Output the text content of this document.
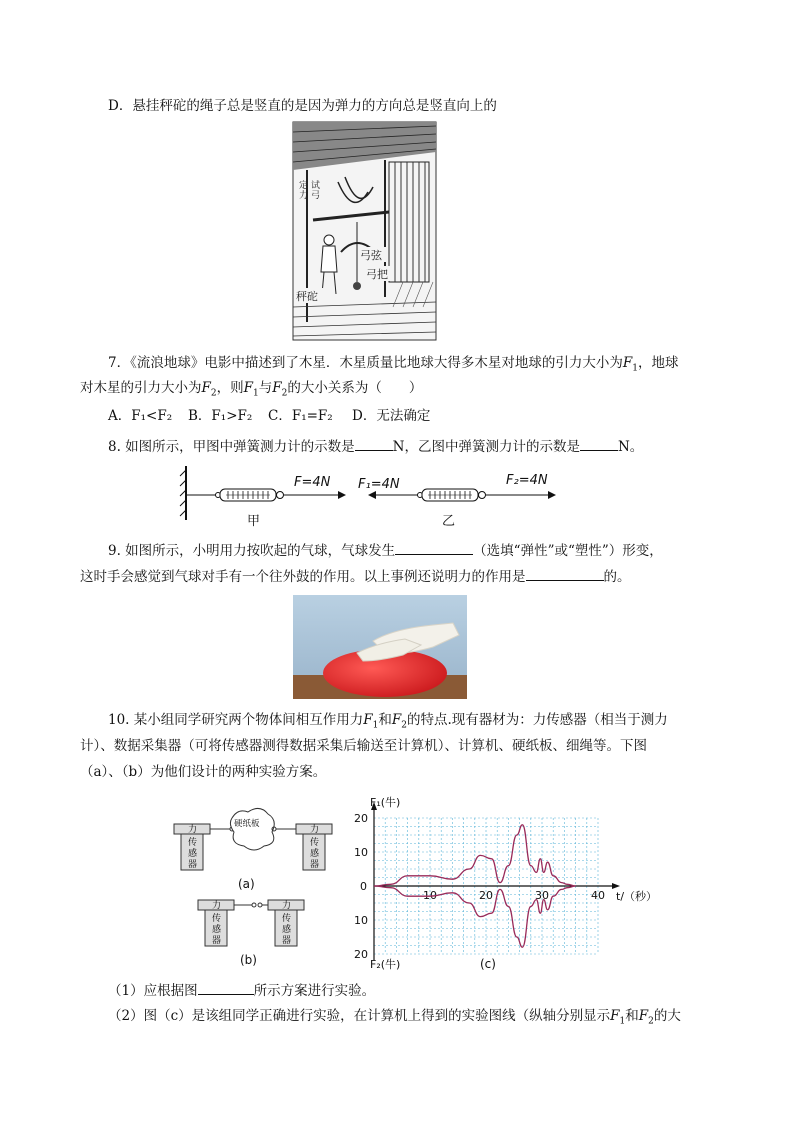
D．悬挂秤砣的绳子总是竖直的是因为弹力的方向总是竖直向上的
定
力
试
弓
弓弦
弓把
秤砣
7．《流浪地球》电影中描述到了木星．木星质量比地球大得多木星对地球的引力大小为$F_1$，地球
对木星的引力大小为$F_2$，则$F_1$与$F_2$的大小关系为（　　）
A．F₁<F₂ B．F₁>F₂ C．F₁=F₂ D．无法确定
8. 如图所示，甲图中弹簧测力计的示数是	N，乙图中弹簧测力计的示数是	N。
F=4N
甲
F₁=4N	F₂=4N
乙
9. 如图所示，小明用力按吹起的气球，气球发生	（选填“弹性”或“塑性”）形变，
这时手会感觉到气球对手有一个往外鼓的作用。以上事例还说明力的作用是	的。
10. 某小组同学研究两个物体间相互作用力$F_1$和$F_2$的特点.现有器材为：力传感器（相当于测力
计）、数据采集器（可将传感器测得数据采集后输送至计算机）、计算机、硬纸板、细绳等。下图
（a）、（b）为他们设计的两种实验方案。
力
传
感
器
硬纸板
力
传
感
器
(a)
力
传
感
器
力
传
感
器
(b)
10	20	30	40
10
20
10
20
0
F₁(牛)
F₂(牛)
t/（秒）
(c)
（1）应根据图	所示方案进行实验。
（2）图（c）是该组同学正确进行实验，在计算机上得到的实验图线（纵轴分别显示$F_1$和$F_2$的大
